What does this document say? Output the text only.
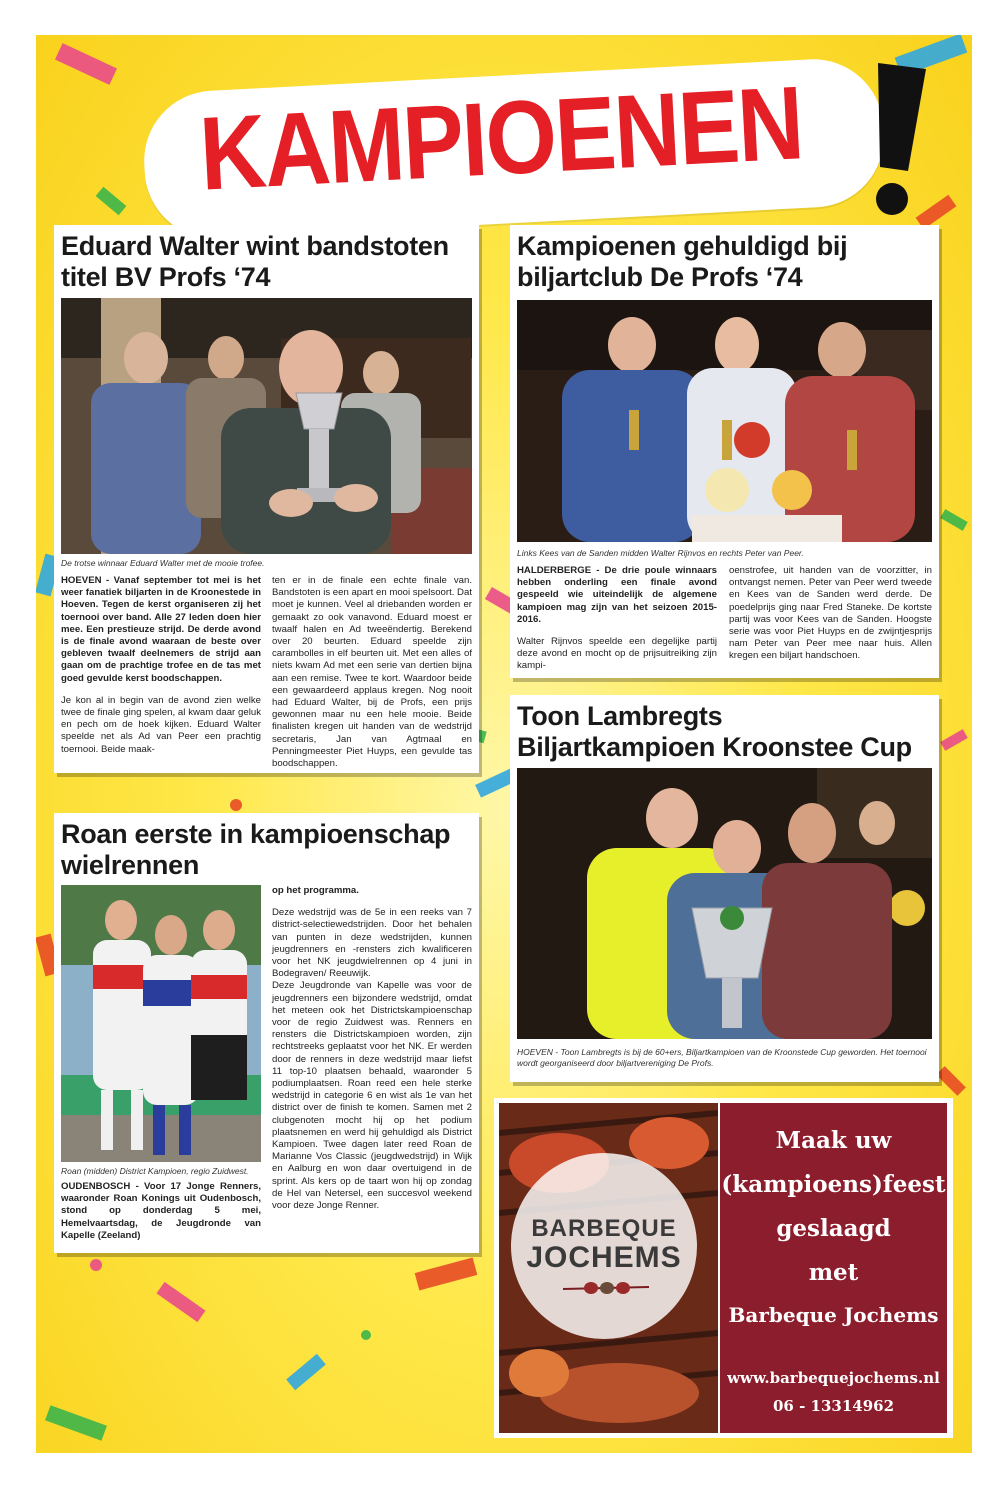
KAMPIOENEN
Eduard Walter wint bandstoten
titel BV Profs ‘74
De trotse winnaar Eduard Walter met de mooie trofee.

HOEVEN - Vanaf september tot mei is het weer fanatiek biljarten in de Kroonestede in Hoeven. Tegen de kerst organiseren zij het toernooi over band. Alle 27 leden doen hier mee. Een prestieuze strijd. De derde avond is de finale avond waaraan de beste over gebleven twaalf deelnemers de strijd aan gaan om de prachtige trofee en de tas met goed gevulde kerst boodschappen.

Je kon al in begin van de avond zien welke twee de finale ging spelen, al kwam daar geluk en pech om de hoek kijken. Eduard Walter speelde net als Ad van Peer een prachtig toernooi. Beide maak-

ten er in de finale een echte finale van. Bandstoten is een apart en mooi spelsoort. Dat moet je kunnen. Veel al driebanden worden er gemaakt zo ook vanavond. Eduard moest er twaalf halen en Ad tweeëndertig. Berekend over 20 beurten. Eduard speelde zijn carambolles in elf beurten uit. Met een alles of niets kwam Ad met een serie van dertien bijna aan een remise. Twee te kort. Waardoor beide een gewaardeerd applaus kregen. Nog nooit had Eduard Walter, bij de Profs, een prijs gewonnen maar nu een hele mooie. Beide finalisten kregen uit handen van de wedstrijd secretaris, Jan van Agtmaal en Penningmeester Piet Huyps, een gevulde tas boodschappen.

Kampioenen gehuldigd bij
biljartclub De Profs ‘74
Links Kees van de Sanden midden Walter Rijnvos en rechts Peter van Peer.

HALDERBERGE - De drie poule winnaars hebben onderling een finale avond gespeeld wie uiteindelijk de algemene kampioen mag zijn van het seizoen 2015-2016.

Walter Rijnvos speelde een degelijke partij deze avond en mocht op de prijsuitreiking zijn kampi-

oenstrofee, uit handen van de voorzitter, in ontvangst nemen. Peter van Peer werd tweede en Kees van de Sanden werd derde. De poedelprijs ging naar Fred Staneke. De kortste partij was voor Kees van de Sanden. Hoogste serie was voor Piet Huyps en de zwijntjesprijs nam Peter van Peer mee naar huis. Allen kregen een biljart handschoen.

Toon Lambregts
Biljartkampioen Kroonstee Cup
HOEVEN - Toon Lambregts is bij de 60+ers, Biljartkampioen van de Kroonstede Cup geworden. Het toernooi wordt georganiseerd door biljartvereniging De Profs.
Roan eerste in kampioenschap
wielrennen
Roan (midden) District Kampioen, regio Zuidwest.

OUDENBOSCH - Voor 17 Jonge Renners, waaronder Roan Konings uit Oudenbosch, stond op donderdag 5 mei, Hemelvaartsdag, de Jeugdronde van Kapelle (Zeeland)

op het programma.

Deze wedstrijd was de 5e in een reeks van 7 district-selectiewedstrijden. Door het behalen van punten in deze wedstrijden, kunnen jeugdrenners en -rensters zich kwalificeren voor het NK jeugdwielrennen op 4 juni in Bodegraven/ Reeuwijk.

Deze Jeugdronde van Kapelle was voor de jeugdrenners een bijzondere wedstrijd, omdat het meteen ook het Districtskampioenschap voor de regio Zuidwest was. Renners en rensters die Districtskampioen worden, zijn rechtstreeks geplaatst voor het NK. Er werden door de renners in deze wedstrijd maar liefst 11 top-10 plaatsen behaald, waaronder 5 podiumplaatsen. Roan reed een hele sterke wedstrijd in categorie 6 en wist als 1e van het district over de finish te komen. Samen met 2 clubgenoten mocht hij op het podium plaatsnemen en werd hij gehuldigd als District Kampioen. Twee dagen later reed Roan de Marianne Vos Classic (jeugdwedstrijd) in Wijk en Aalburg en won daar overtuigend in de sprint. Als kers op de taart won hij op zondag de Hel van Netersel, een succesvol weekend voor deze Jonge Renner.

BARBEQUE
JOCHEMS
Maak uw
(kampioens)feest
geslaagd
met
Barbeque Jochems
www.barbequejochems.nl
06 - 13314962
